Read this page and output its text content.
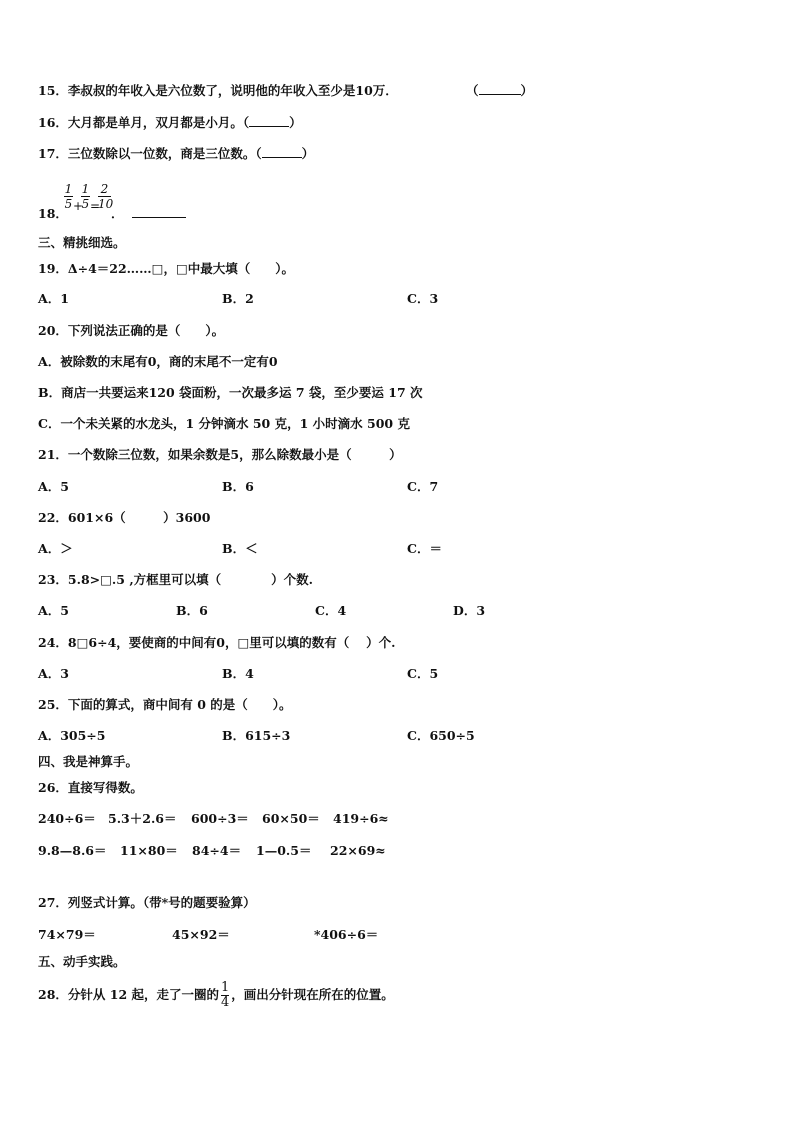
15．李叔叔的年收入是六位数了，说明他的年收入至少是10万．	（	）
16．大月都是单月，双月都是小月。（	）
17．三位数除以一位数，商是三位数。（	）
18．
1
5 +
1
5 =
2
10
．
三、精挑细选。
19．Δ÷4＝22……□，□中最大填（　　）。
A．1	B．2	C．3
20．下列说法正确的是（　　）。
A．被除数的末尾有0，商的末尾不一定有0
B．商店一共要运来120 袋面粉，一次最多运 7 袋，至少要运 17 次
C．一个未关紧的水龙头，1 分钟滴水 50 克，1 小时滴水 500 克
21．一个数除三位数，如果余数是5，那么除数最小是（　　　）
A．5	B．6	C．7
22．601×6（　　　）3600
A．＞	B．＜	C．＝
23．5.8>□.5 ,方框里可以填（　　　　）个数.
A．5	B．6	C．4	D．3
24．8□6÷4，要使商的中间有0，□里可以填的数有（　 ）个.
A．3	B．4	C．5
25．下面的算式，商中间有 0 的是（　　）。
A．305÷5	B．615÷3	C．650÷5
四、我是神算手。
26．直接写得数。
240÷6＝ 5.3＋2.6＝ 600÷3＝ 60×50＝ 419÷6≈
9.8—8.6＝ 11×80＝ 84÷4＝ 1—0.5＝ 22×69≈
27．列竖式计算。（带*号的题要验算）
74×79＝	45×92＝	*406÷6＝
五、动手实践。
28．分针从 12 起，走了一圈的 $\frac{1}{4}$ ，画出分针现在所在的位置。
